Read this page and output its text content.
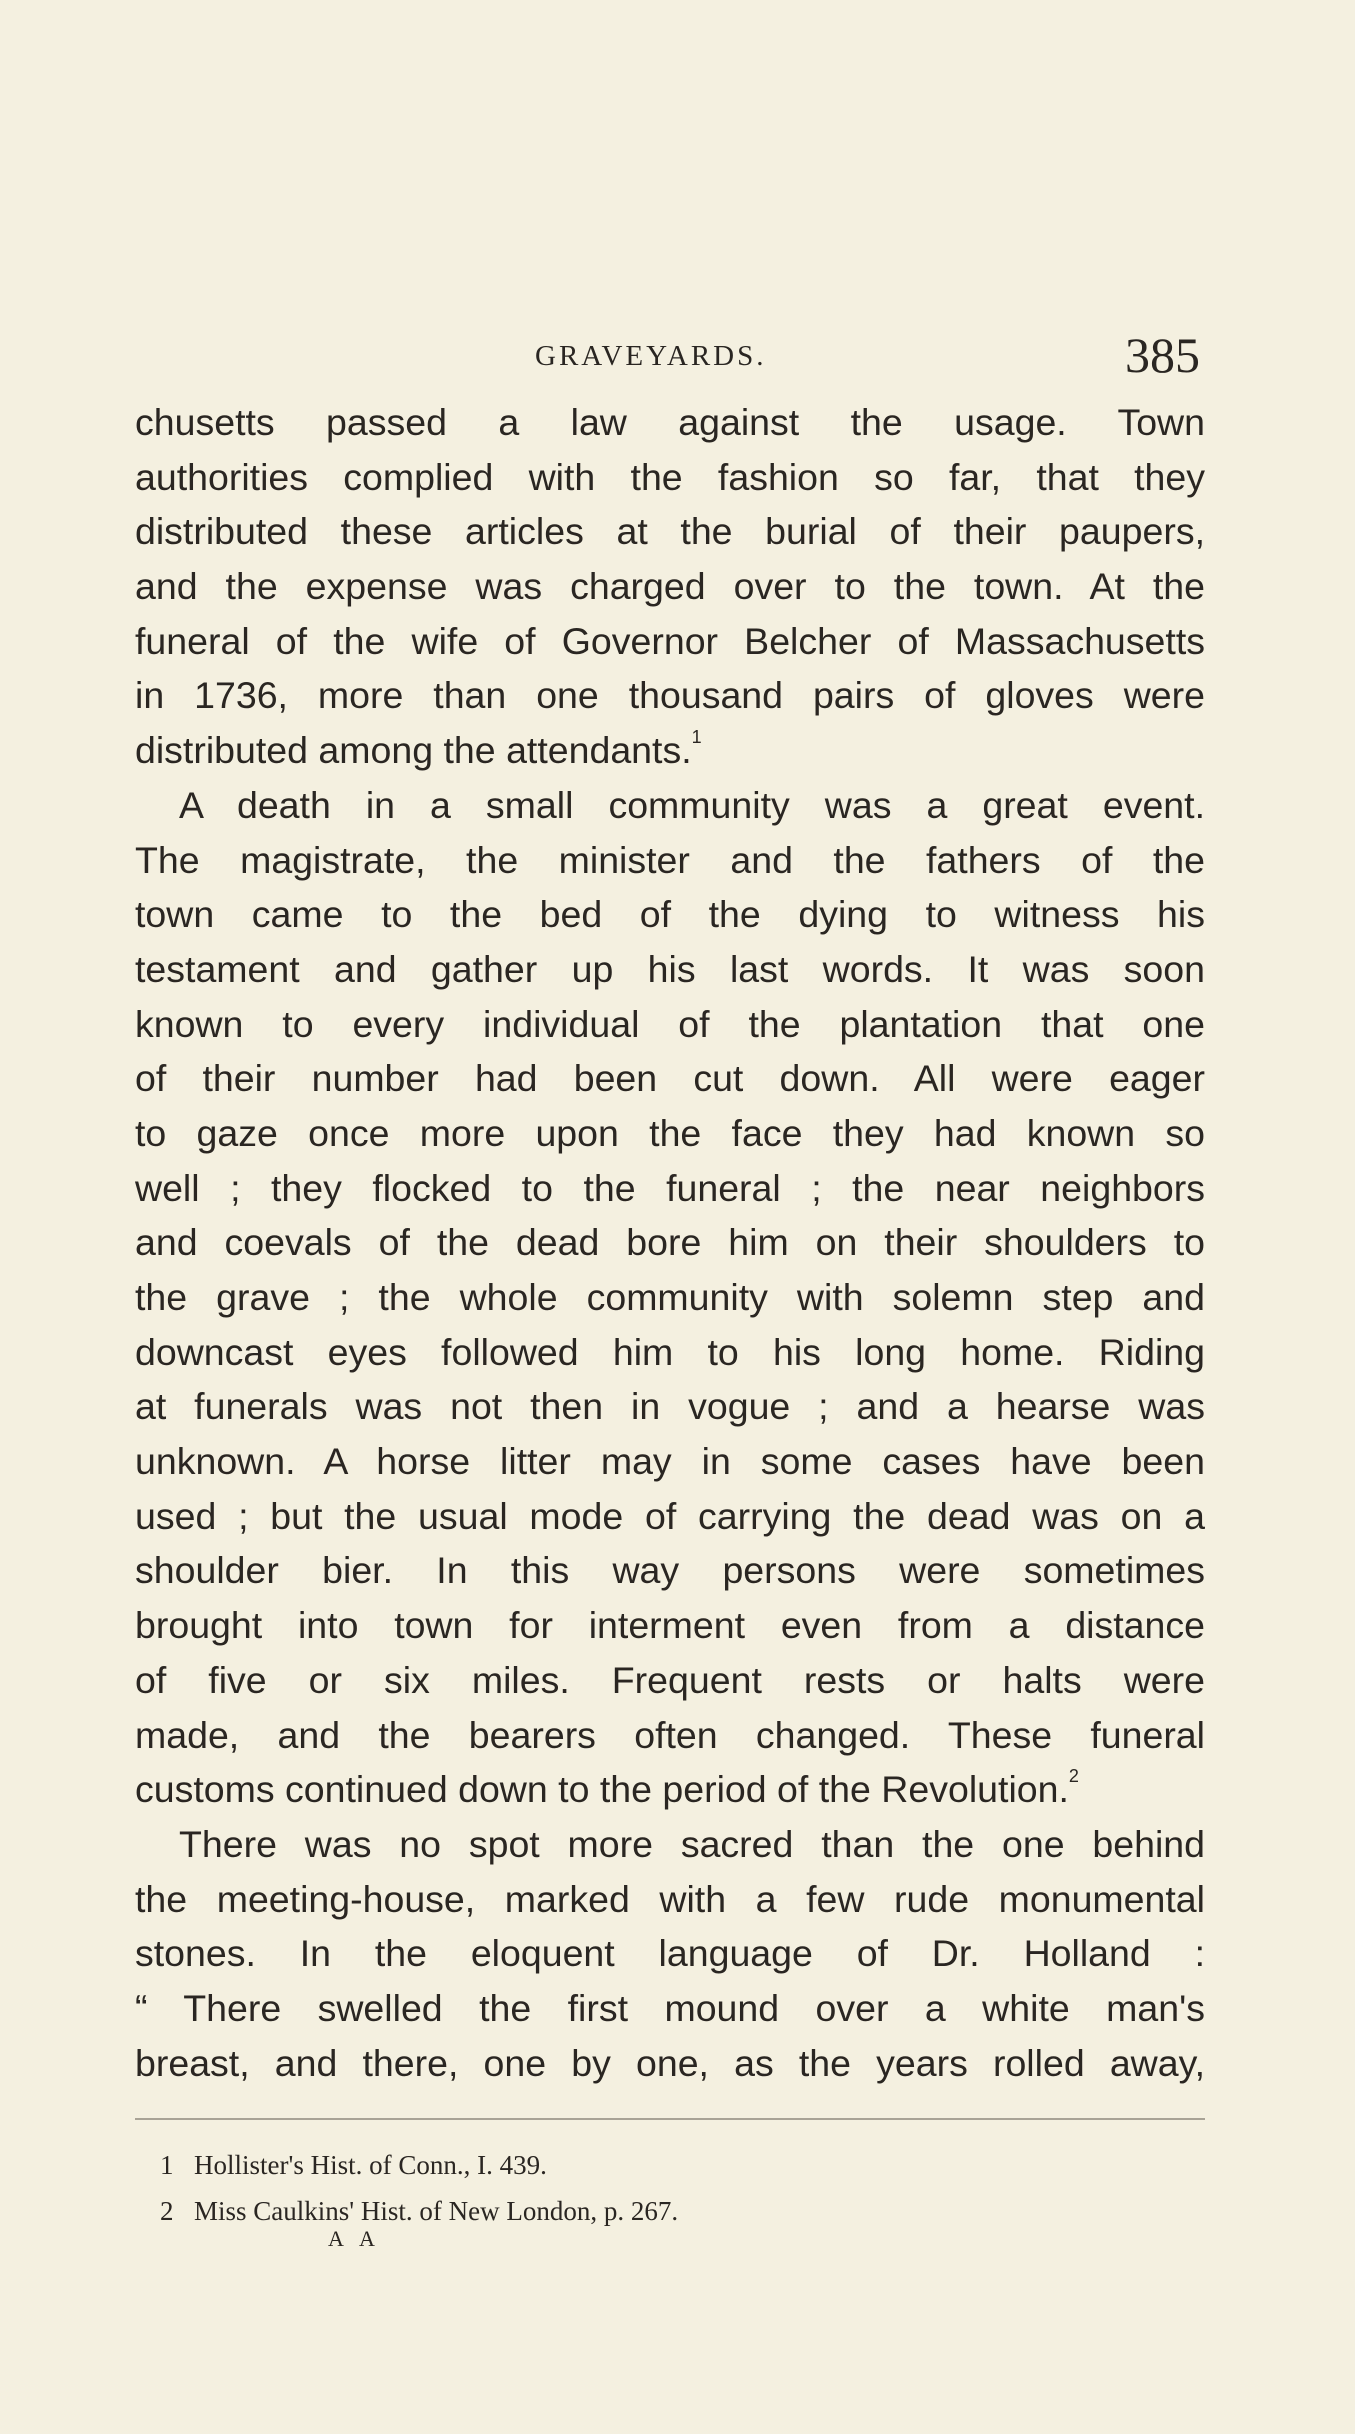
GRAVEYARDS.	385
chusetts passed a law against the usage. Town
authorities complied with the fashion so far, that they
distributed these articles at the burial of their paupers,
and the expense was charged over to the town. At the
funeral of the wife of Governor Belcher of Massachusetts
in 1736, more than one thousand pairs of gloves were
distributed among the attendants.$^1$
A death in a small community was a great event.
The magistrate, the minister and the fathers of the
town came to the bed of the dying to witness his
testament and gather up his last words. It was soon
known to every individual of the plantation that one
of their number had been cut down. All were eager
to gaze once more upon the face they had known so
well ; they flocked to the funeral ; the near neighbors
and coevals of the dead bore him on their shoulders to
the grave ; the whole community with solemn step and
downcast eyes followed him to his long home. Riding
at funerals was not then in vogue ; and a hearse was
unknown. A horse litter may in some cases have been
used ; but the usual mode of carrying the dead was on a
shoulder bier. In this way persons were sometimes
brought into town for interment even from a distance
of five or six miles. Frequent rests or halts were
made, and the bearers often changed. These funeral
customs continued down to the period of the Revolution.$^2$
There was no spot more sacred than the one behind
the meeting-house, marked with a few rude monumental
stones. In the eloquent language of Dr. Holland :
“ There swelled the first mound over a white man's
breast, and there, one by one, as the years rolled away,
1 Hollister's Hist. of Conn., I. 439.
2 Miss Caulkins' Hist. of New London, p. 267.
A A
